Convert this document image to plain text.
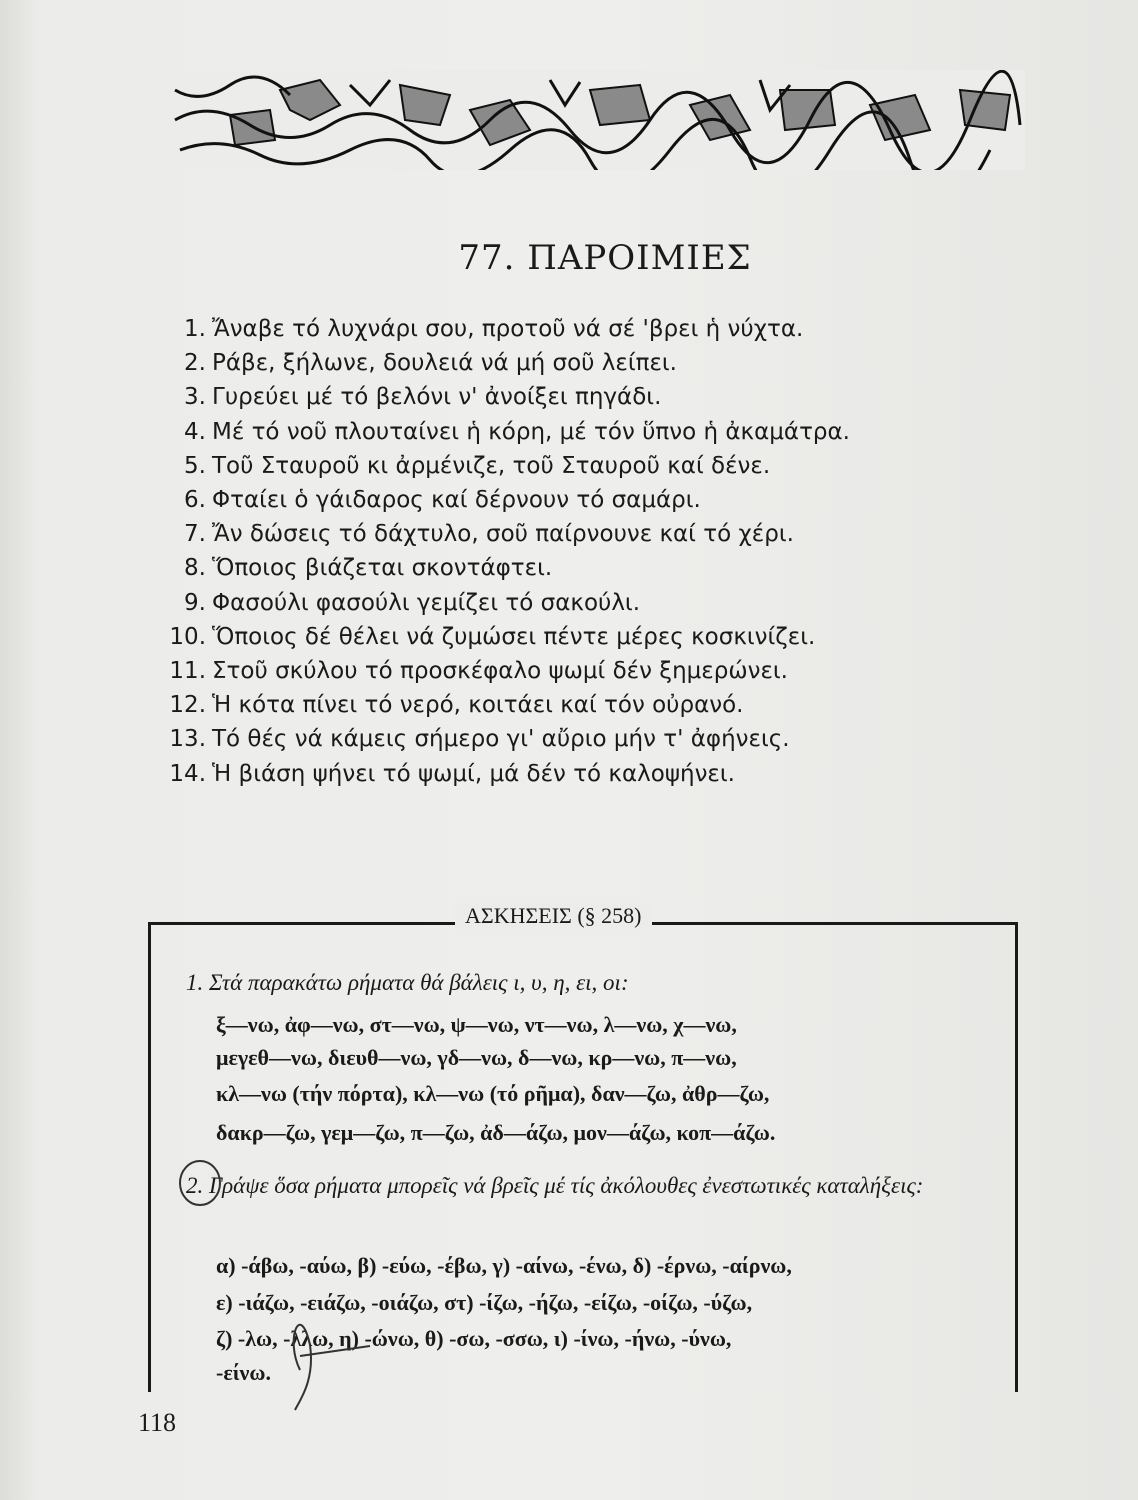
77. ΠΑΡΟΙΜΙΕΣ
1. Ἄναβε τό λυχνάρι σου, προτοῦ νά σέ 'βρει ἡ νύχτα.
2. Ράβε, ξήλωνε, δουλειά νά μή σοῦ λείπει.
3. Γυρεύει μέ τό βελόνι ν' ἀνοίξει πηγάδι.
4. Μέ τό νοῦ πλουταίνει ἡ κόρη, μέ τόν ὕπνο ἡ ἀκαμάτρα.
5. Τοῦ Σταυροῦ κι ἀρμένιζε, τοῦ Σταυροῦ καί δένε.
6. Φταίει ὁ γάιδαρος καί δέρνουν τό σαμάρι.
7. Ἄν δώσεις τό δάχτυλο, σοῦ παίρνουνε καί τό χέρι.
8. Ὅποιος βιάζεται σκοντάφτει.
9. Φασούλι φασούλι γεμίζει τό σακούλι.
10. Ὅποιος δέ θέλει νά ζυμώσει πέντε μέρες κοσκινίζει.
11. Στοῦ σκύλου τό προσκέφαλο ψωμί δέν ξημερώνει.
12. Ἡ κότα πίνει τό νερό, κοιτάει καί τόν οὐρανό.
13. Τό θές νά κάμεις σήμερο γι' αὔριο μήν τ' ἀφήνεις.
14. Ἡ βιάση ψήνει τό ψωμί, μά δέν τό καλοψήνει.
ΑΣΚΗΣΕΙΣ (§ 258)
1. Στά παρακάτω ρήματα θά βάλεις ι, υ, η, ει, οι:
ξ—νω, ἀφ—νω, στ—νω, ψ—νω, ντ—νω, λ—νω, χ—νω,
μεγεθ—νω, διευθ—νω, γδ—νω, δ—νω, κρ—νω, π—νω,
κλ—νω (τήν πόρτα), κλ—νω (τό ρῆμα), δαν—ζω, ἀθρ—ζω,
δακρ—ζω, γεμ—ζω, π—ζω, ἀδ—άζω, μον—άζω, κοπ—άζω.
2. Γράψε ὅσα ρήματα μπορεῖς νά βρεῖς μέ τίς ἀκόλουθες ἐνεστωτικές καταλήξεις:
α) -άβω, -αύω, β) -εύω, -έβω, γ) -αίνω, -ένω, δ) -έρνω, -αίρνω,
ε) -ιάζω, -ειάζω, -οιάζω, στ) -ίζω, -ήζω, -είζω, -οίζω, -ύζω,
ζ) -λω, -λλω, η) -ώνω, θ) -σω, -σσω, ι) -ίνω, -ήνω, -ύνω,
-είνω.
118
